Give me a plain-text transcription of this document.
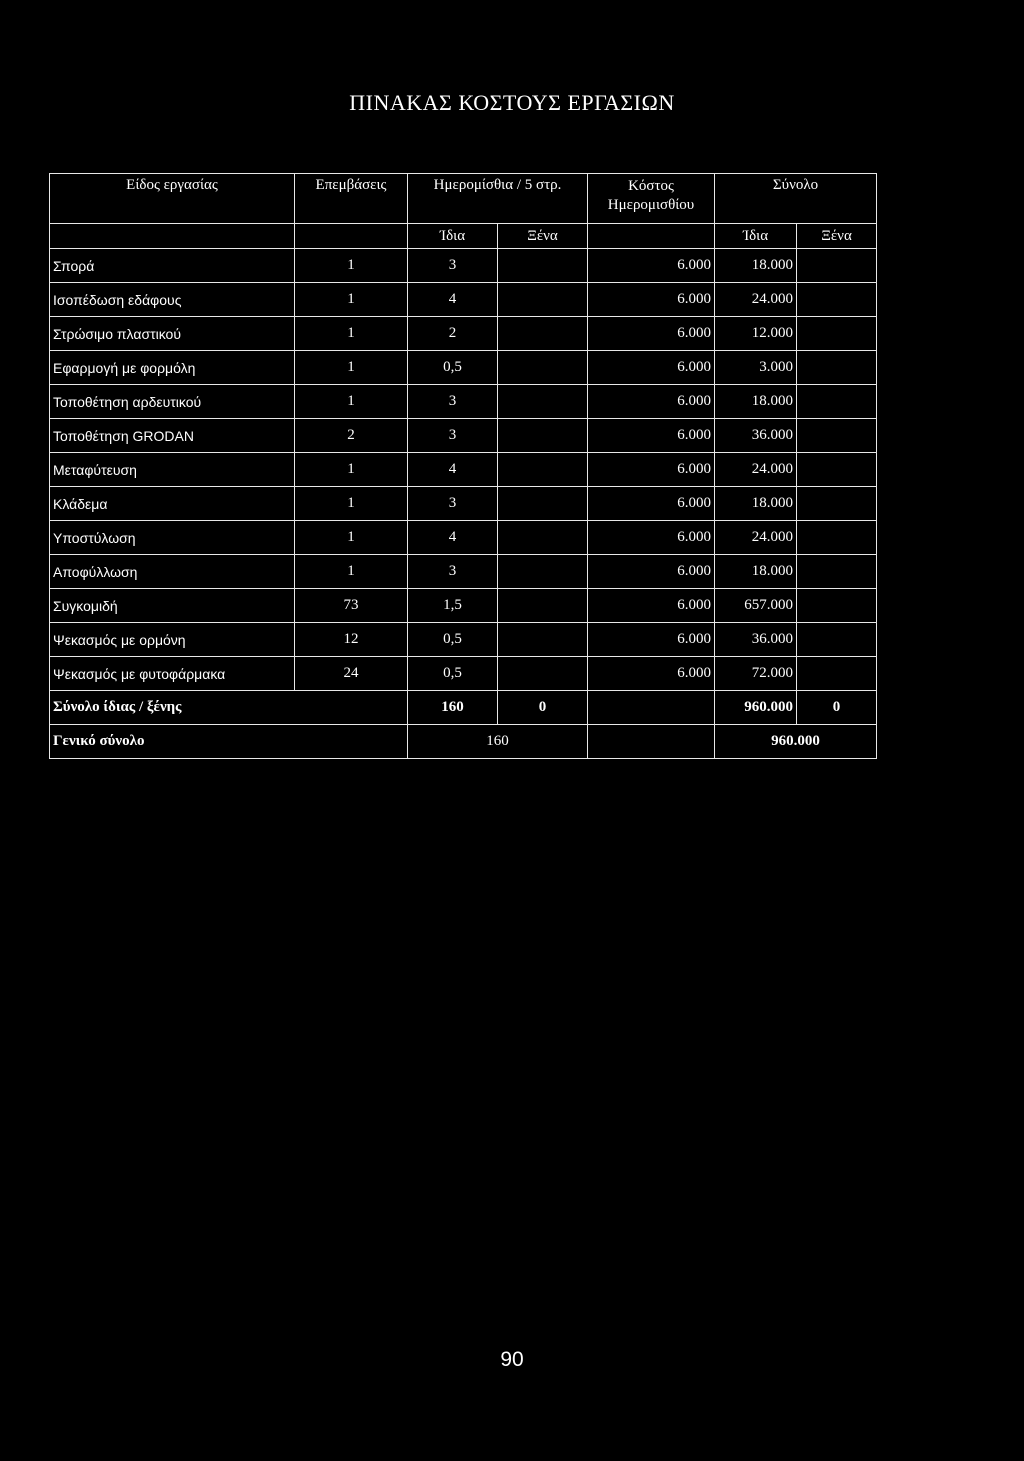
ΠΙΝΑΚΑΣ ΚΟΣΤΟΥΣ ΕΡΓΑΣΙΩΝ
Είδος εργασίας	Επεμβάσεις	Ημερομίσθια / 5 στρ.		Κόστος Ημερομισθίου	Σύνολο	
		Ίδια	Ξένα		Ίδια	Ξένα
Σπορά	1	3		6.000	18.000	
Ισοπέδωση εδάφους	1	4		6.000	24.000	
Στρώσιμο πλαστικού	1	2		6.000	12.000	
Εφαρμογή με φορμόλη	1	0,5		6.000	3.000	
Τοποθέτηση αρδευτικού	1	3		6.000	18.000	
Τοποθέτηση GRODAN	2	3		6.000	36.000	
Μεταφύτευση	1	4		6.000	24.000	
Κλάδεμα	1	3		6.000	18.000	
Υποστύλωση	1	4		6.000	24.000	
Αποφύλλωση	1	3		6.000	18.000	
Συγκομιδή	73	1,5		6.000	657.000	
Ψεκασμός με ορμόνη	12	0,5		6.000	36.000	
Ψεκασμός με φυτοφάρμακα	24	0,5		6.000	72.000	
Σύνολο ίδιας / ξένης		160	0		960.000	0
Γενικό σύνολο		160			960.000	
90
